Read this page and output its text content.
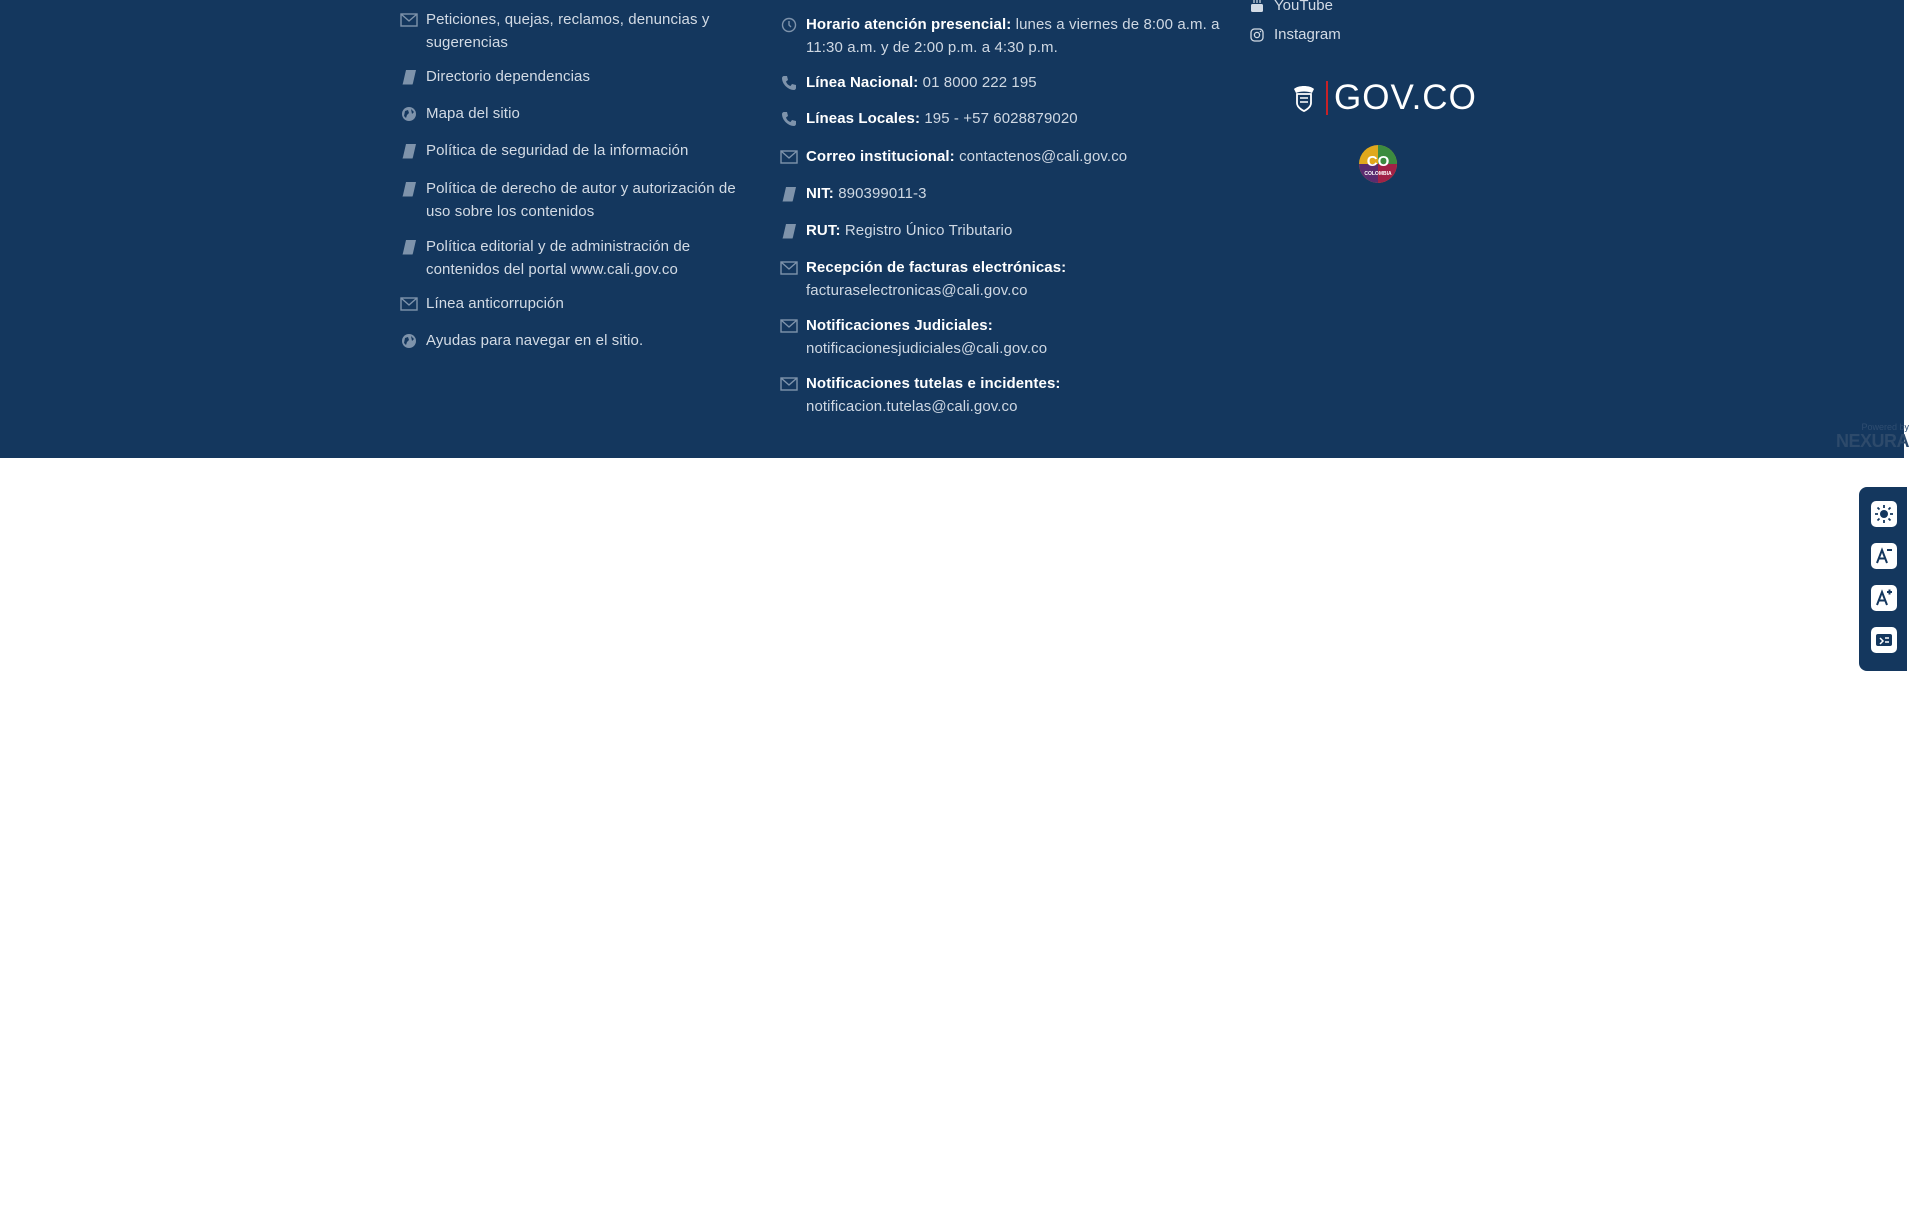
Peticiones, quejas, reclamos, denuncias y sugerencias
Directorio dependencias
Mapa del sitio
Política de seguridad de la información
Política de derecho de autor y autorización de uso sobre los contenidos
Política editorial y de administración de contenidos del portal www.cali.gov.co
Línea anticorrupción
Ayudas para navegar en el sitio.
Horario atención presencial: lunes a viernes de 8:00 a.m. a 11:30 a.m. y de 2:00 p.m. a 4:30 p.m.
Línea Nacional: 01 8000 222 195
Líneas Locales: 195 - +57 6028879020
Correo institucional: contactenos@cali.gov.co
NIT: 890399011-3
RUT: Registro Único Tributario
Recepción de facturas electrónicas:
facturaselectronicas@cali.gov.co
Notificaciones Judiciales:
notificacionesjudiciales@cali.gov.co
Notificaciones tutelas e incidentes:
notificacion.tutelas@cali.gov.co
YouTube
Instagram
GOV.CO
CO
COLOMBIA
Powered by
NEXURA
